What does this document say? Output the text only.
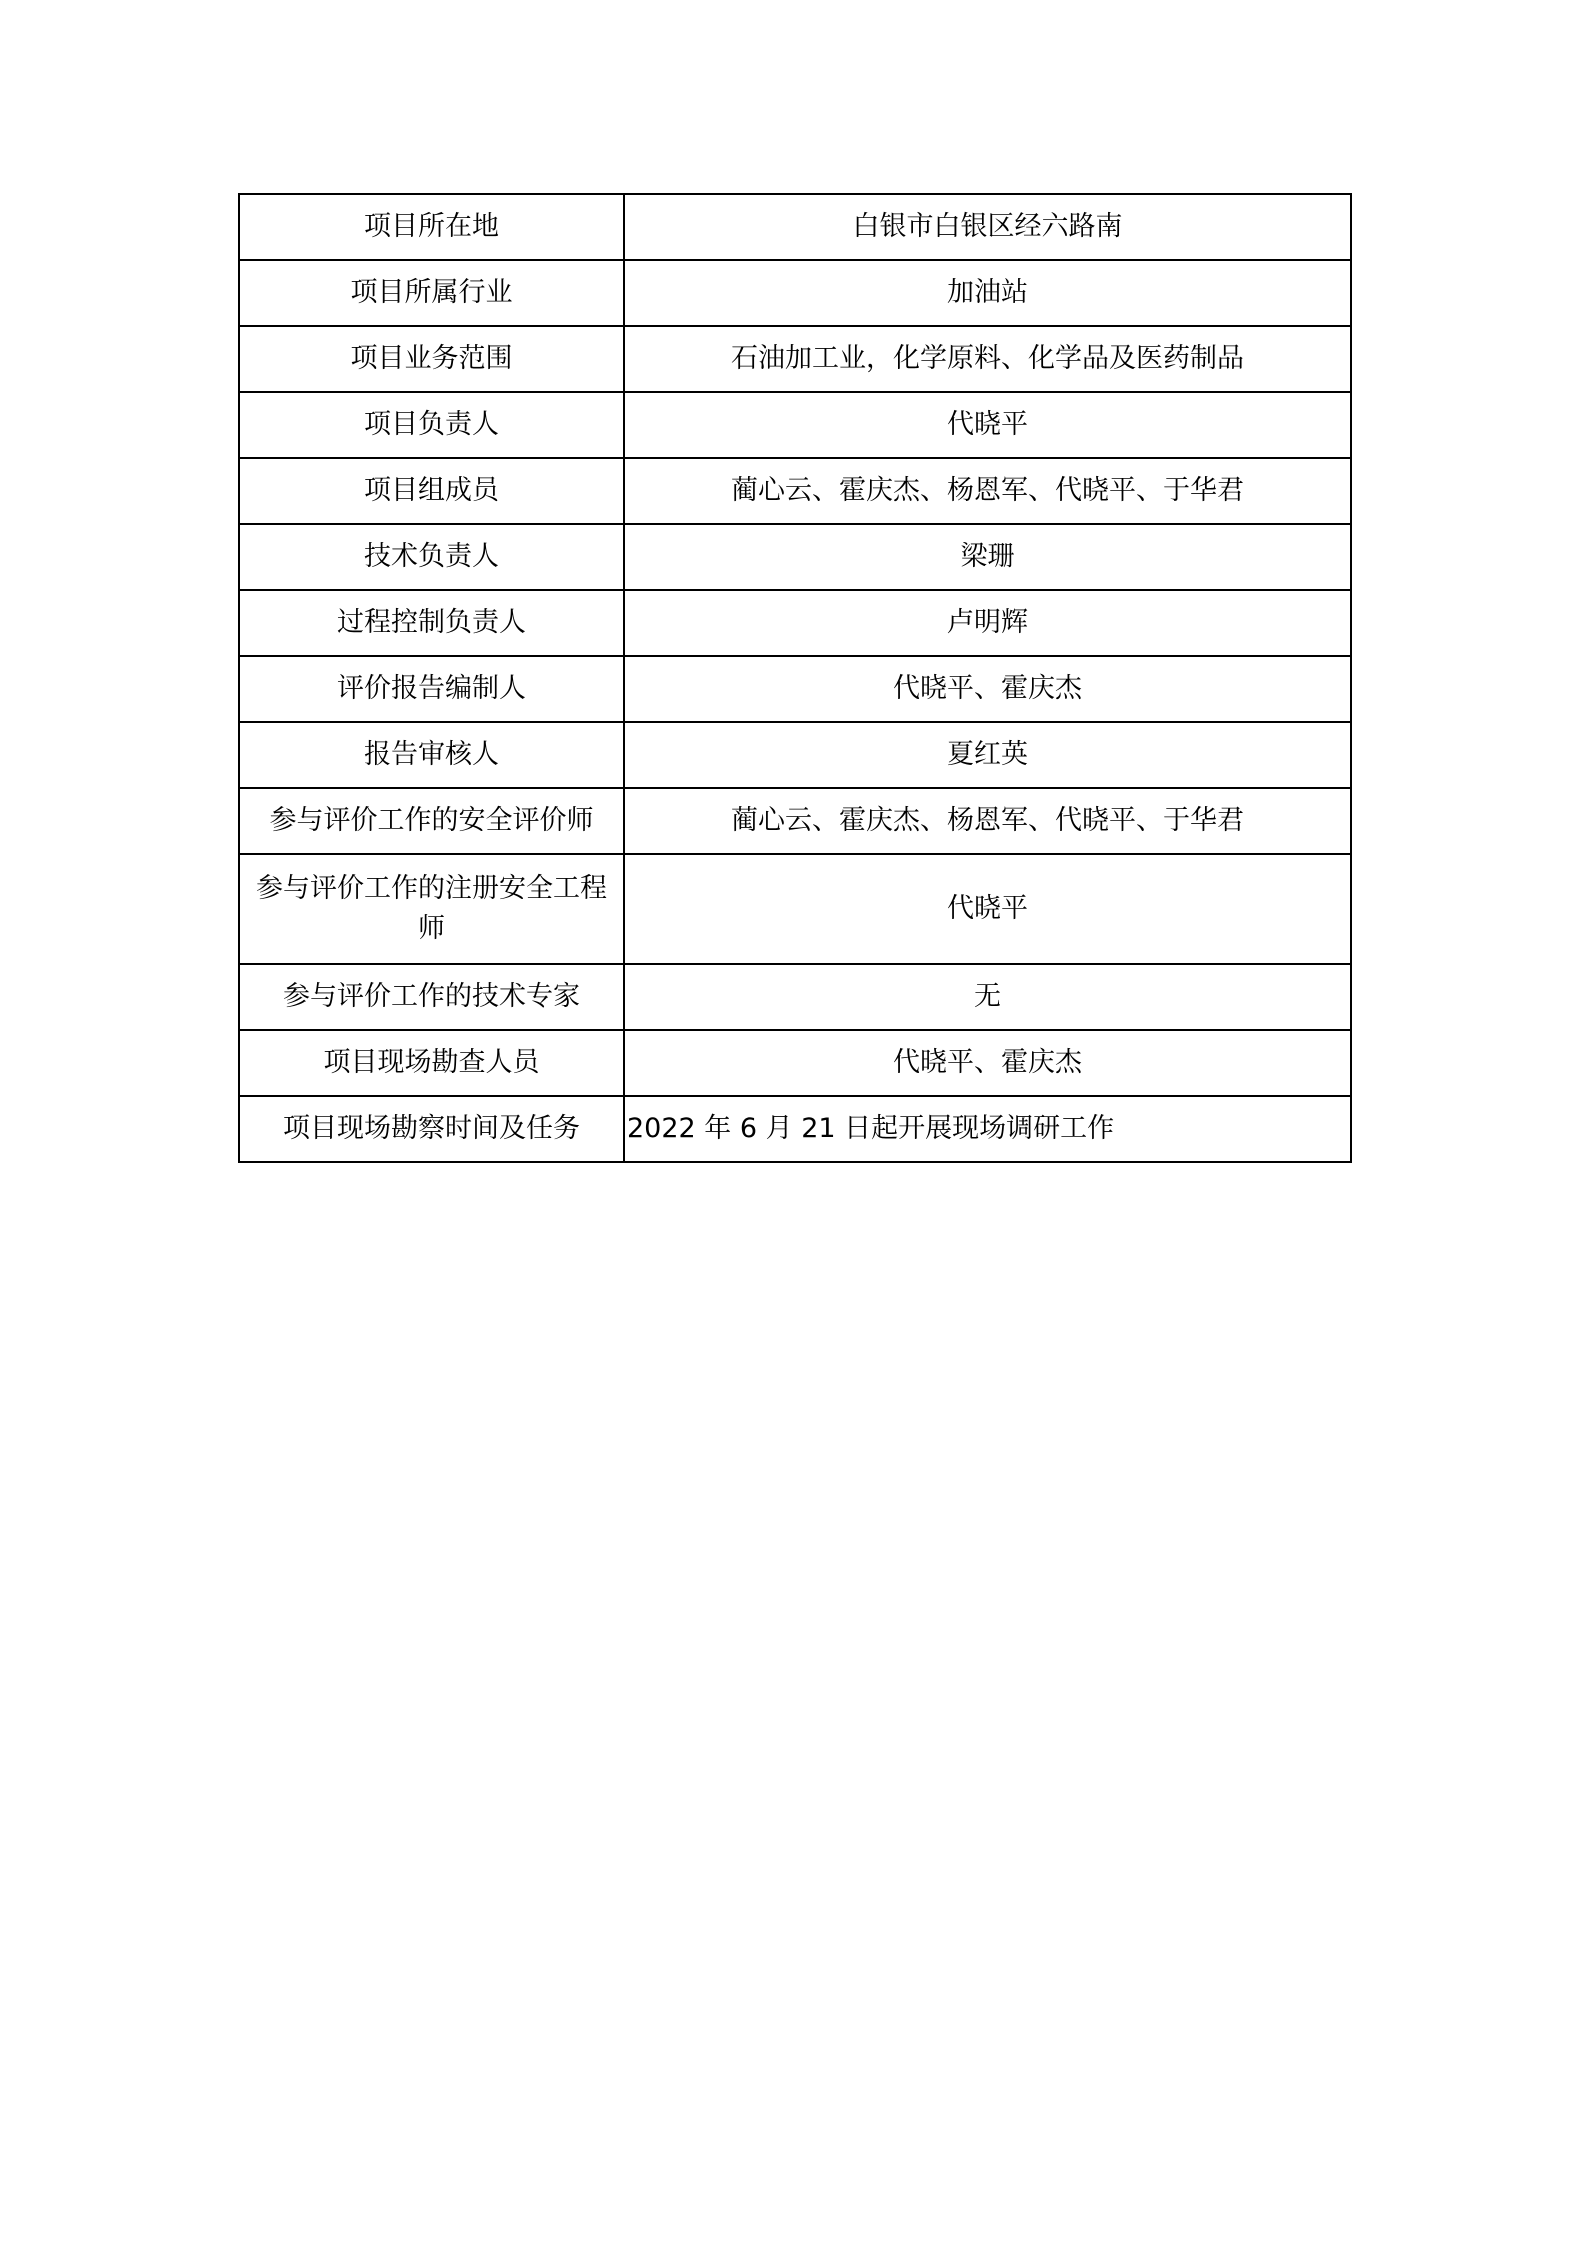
项目所在地	白银市白银区经六路南
项目所属行业	加油站
项目业务范围	石油加工业，化学原料、化学品及医药制品
项目负责人	代晓平
项目组成员	蔺心云、霍庆杰、杨恩军、代晓平、于华君
技术负责人	梁珊
过程控制负责人	卢明辉
评价报告编制人	代晓平、霍庆杰
报告审核人	夏红英
参与评价工作的安全评价师	蔺心云、霍庆杰、杨恩军、代晓平、于华君
参与评价工作的注册安全工程师	代晓平
参与评价工作的技术专家	无
项目现场勘查人员	代晓平、霍庆杰
项目现场勘察时间及任务	2022 年 6 月 21 日起开展现场调研工作
